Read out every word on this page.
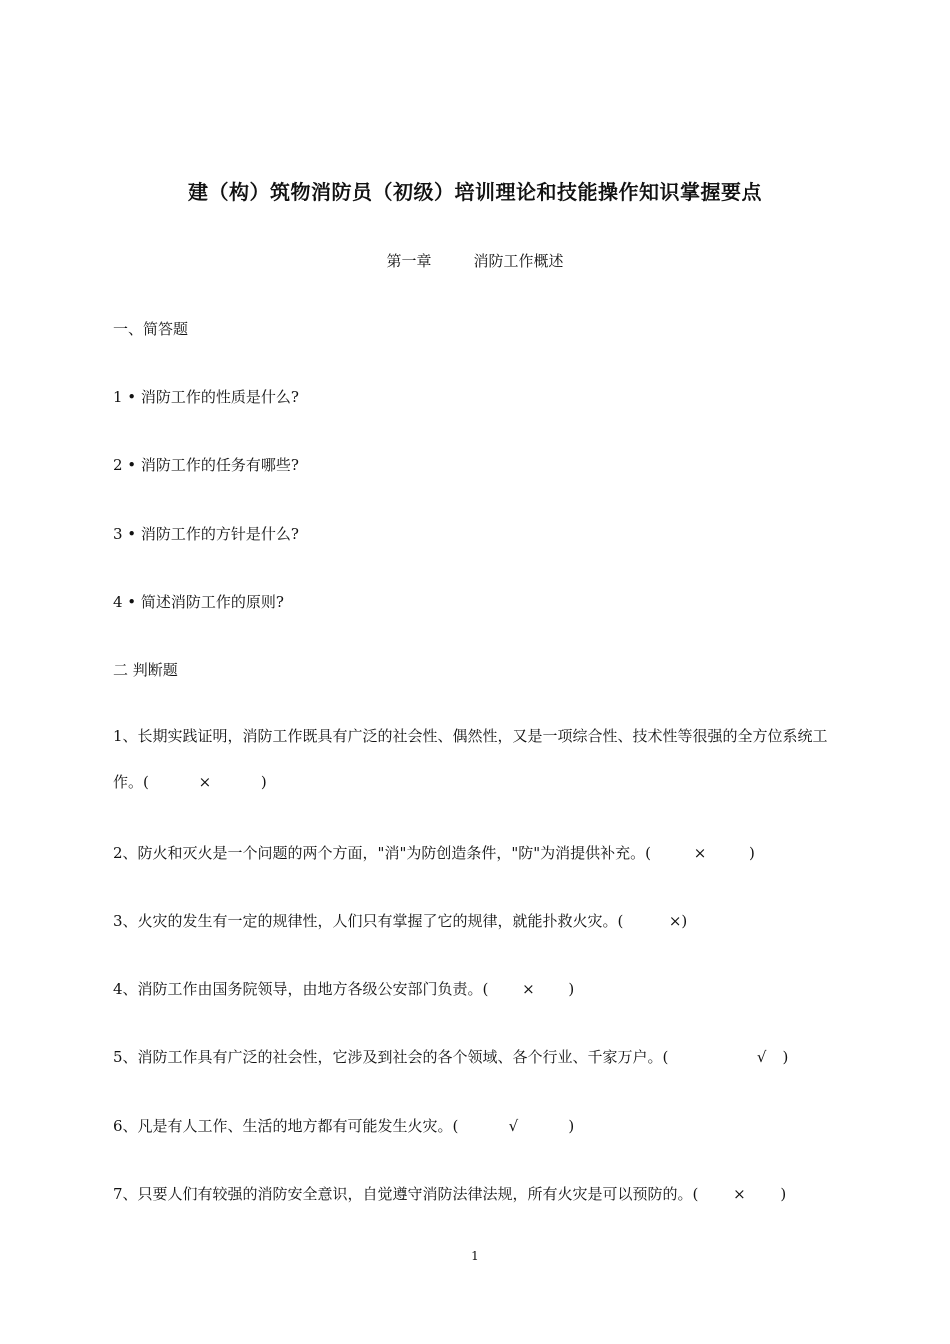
建（构）筑物消防员（初级）培训理论和技能操作知识掌握要点
第一章	消防工作概述
一、简答题
1 • 消防工作的性质是什么?
2 • 消防工作的任务有哪些?
3 • 消防工作的方针是什么?
4 • 简述消防工作的原则?
二 判断题
1、长期实践证明，消防工作既具有广泛的社会性、偶然性，又是一项综合性、技术性等很强的全方位系统工作。(	×	)
2、防火和灭火是一个问题的两个方面，"消"为防创造条件，"防"为消提供补充。(	×	)
3、火灾的发生有一定的规律性，人们只有掌握了它的规律，就能扑救火灾。(	×)
4、消防工作由国务院领导，由地方各级公安部门负责。( × )
5、消防工作具有广泛的社会性，它涉及到社会的各个领域、各个行业、千家万户。(	√ )
6、凡是有人工作、生活的地方都有可能发生火灾。(	√	)
7、只要人们有较强的消防安全意识，自觉遵守消防法律法规，所有火灾是可以预防的。( × )
1
